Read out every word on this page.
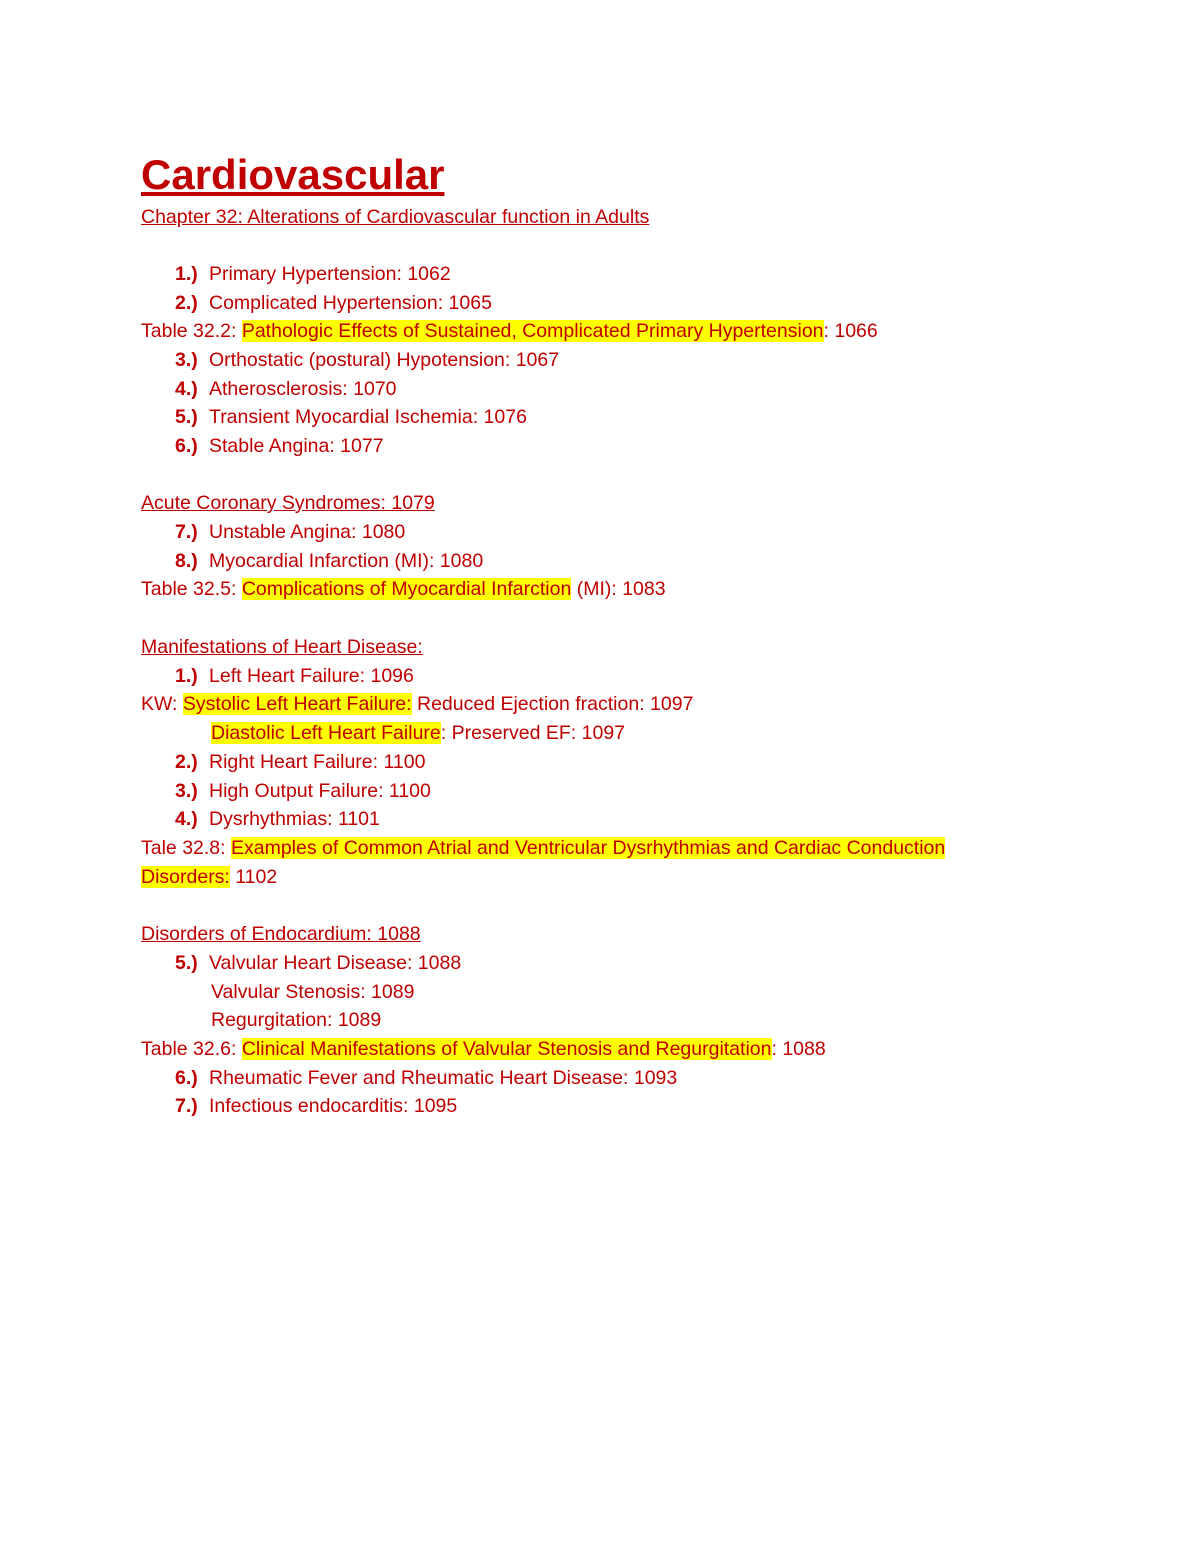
Cardiovascular
Chapter 32: Alterations of Cardiovascular function in Adults
1.) Primary Hypertension: 1062
2.) Complicated Hypertension: 1065
Table 32.2: Pathologic Effects of Sustained, Complicated Primary Hypertension: 1066
3.) Orthostatic (postural) Hypotension: 1067
4.) Atherosclerosis: 1070
5.) Transient Myocardial Ischemia: 1076
6.) Stable Angina: 1077
Acute Coronary Syndromes: 1079
7.) Unstable Angina: 1080
8.) Myocardial Infarction (MI): 1080
Table 32.5: Complications of Myocardial Infarction (MI): 1083
Manifestations of Heart Disease:
1.) Left Heart Failure: 1096
KW: Systolic Left Heart Failure: Reduced Ejection fraction: 1097
Diastolic Left Heart Failure: Preserved EF: 1097
2.) Right Heart Failure: 1100
3.) High Output Failure: 1100
4.) Dysrhythmias: 1101
Tale 32.8: Examples of Common Atrial and Ventricular Dysrhythmias and Cardiac Conduction
Disorders: 1102
Disorders of Endocardium: 1088
5.) Valvular Heart Disease: 1088
Valvular Stenosis: 1089
Regurgitation: 1089
Table 32.6: Clinical Manifestations of Valvular Stenosis and Regurgitation: 1088
6.) Rheumatic Fever and Rheumatic Heart Disease: 1093
7.) Infectious endocarditis: 1095
